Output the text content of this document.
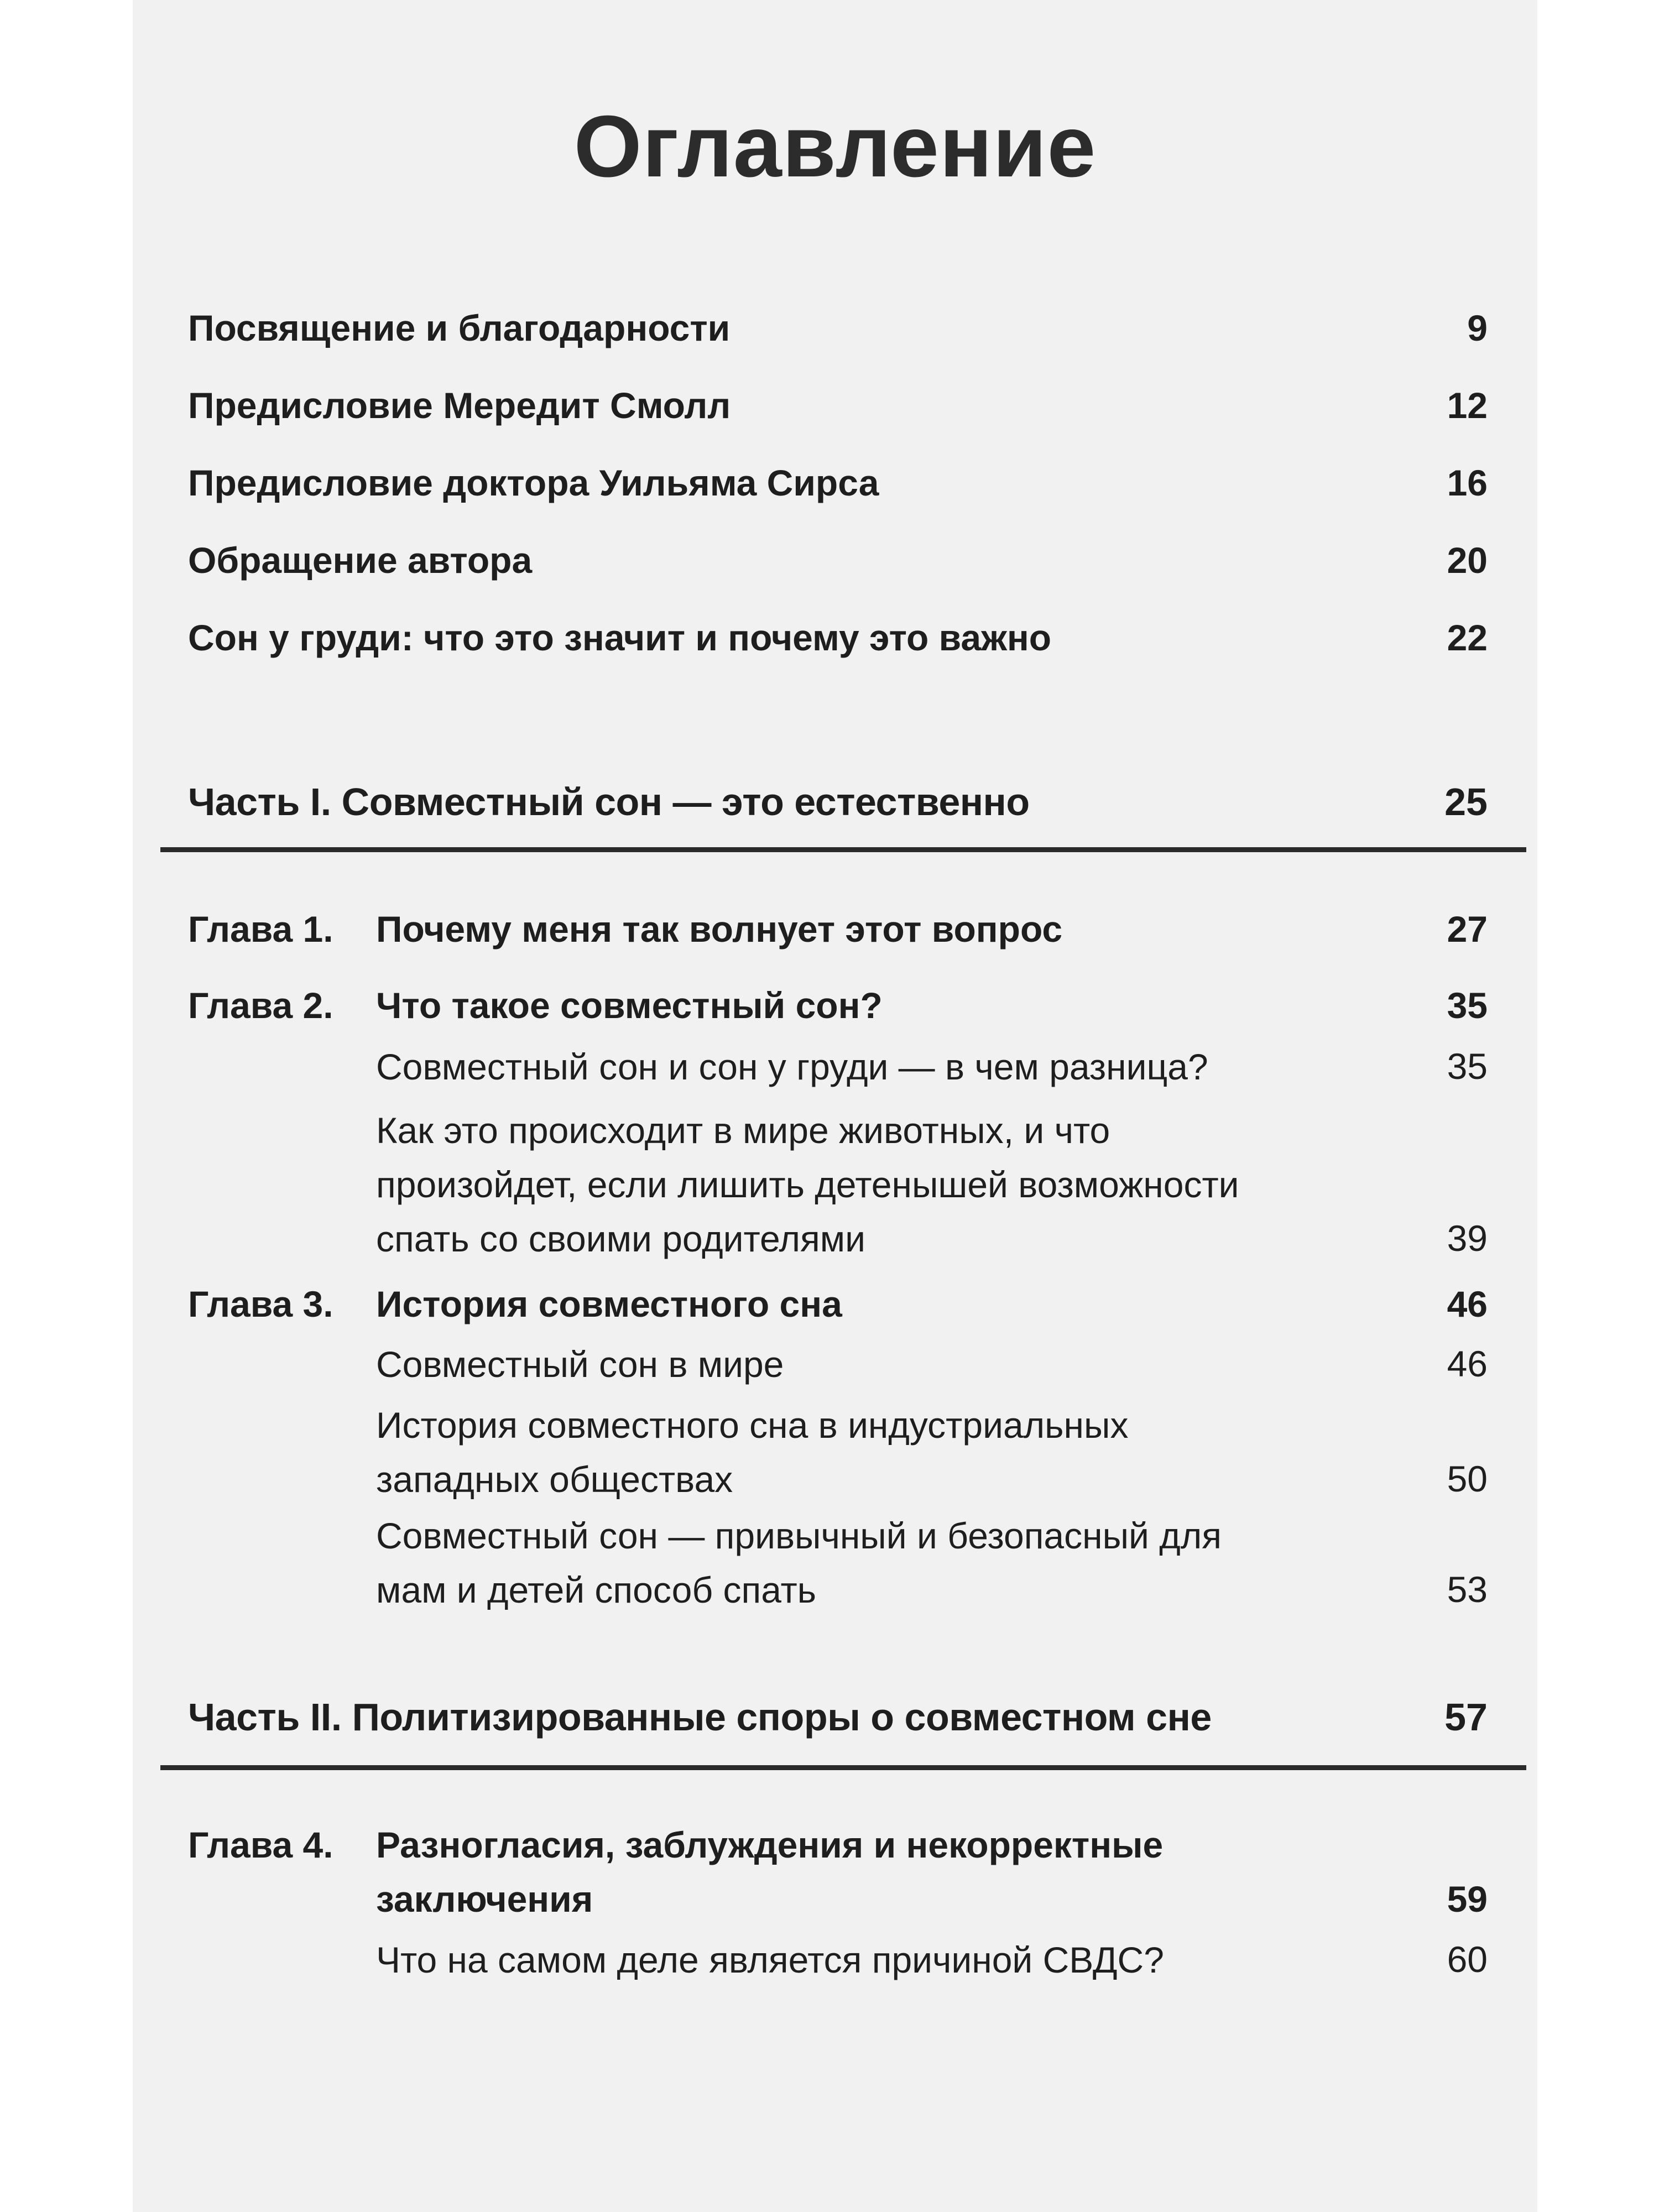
Оглавление
Посвящение и благодарности	9
Предисловие Мередит Смолл	12
Предисловие доктора Уильяма Сирса	16
Обращение автора	20
Сон у груди: что это значит и почему это важно	22
Часть I. Совместный сон — это естественно	25
Глава 1. Почему меня так волнует этот вопрос	27
Глава 2. Что такое совместный сон?	35
Совместный сон и сон у груди — в чем разница?	35
Как это происходит в мире животных, и что
произойдет, если лишить детенышей возможности
спать со своими родителями	39
Глава 3. История совместного сна	46
Совместный сон в мире	46
История совместного сна в индустриальных
западных обществах	50
Совместный сон — привычный и безопасный для
мам и детей способ спать	53
Часть II. Политизированные споры о совместном сне	57
Глава 4. Разногласия, заблуждения и некорректные
заключения	59
Что на самом деле является причиной СВДС?	60
